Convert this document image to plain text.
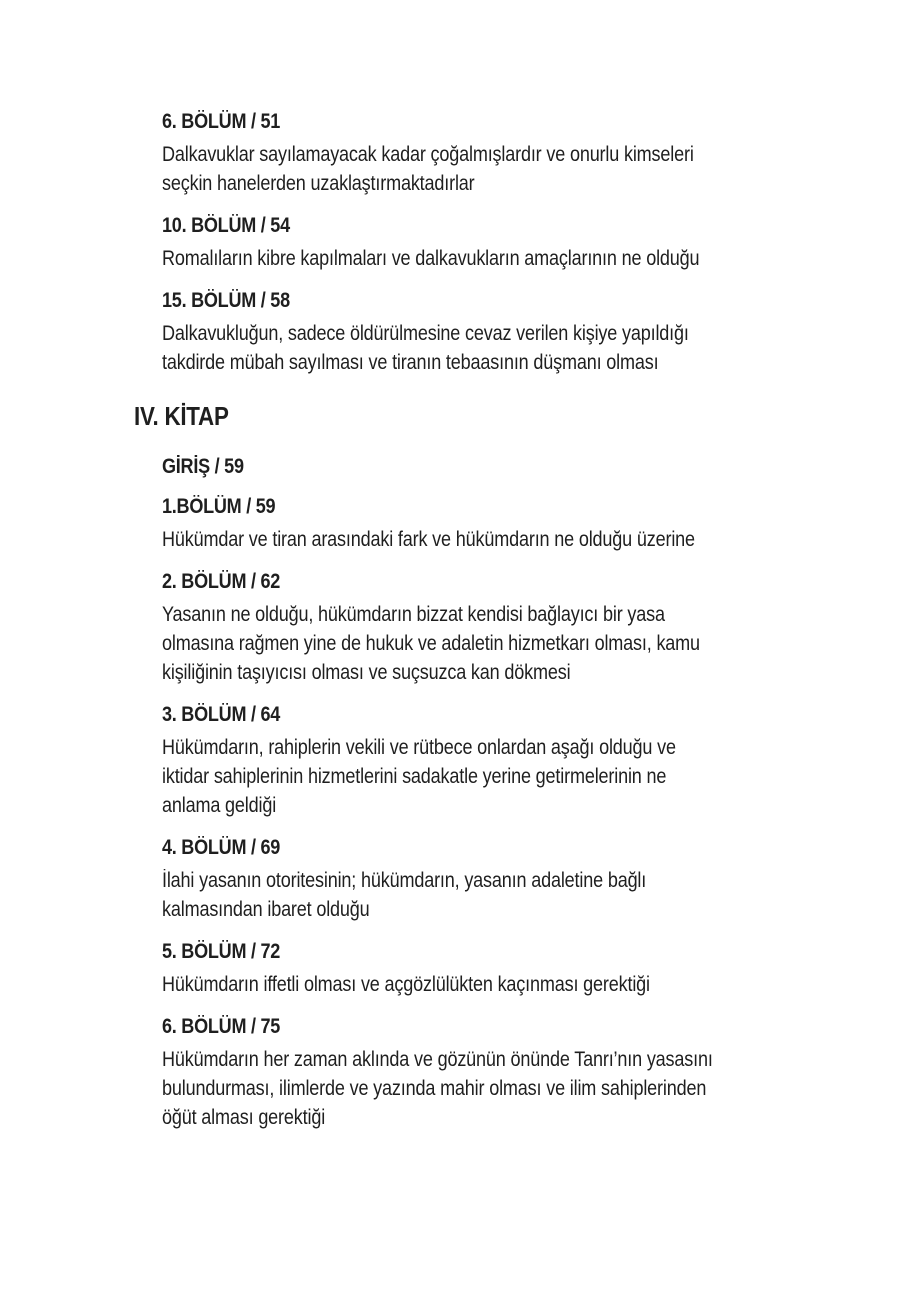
6. BÖLÜM / 51
Dalkavuklar sayılamayacak kadar çoğalmışlardır ve onurlu kimseleri
seçkin hanelerden uzaklaştırmaktadırlar
10. BÖLÜM / 54
Romalıların kibre kapılmaları ve dalkavukların amaçlarının ne olduğu
15. BÖLÜM / 58
Dalkavukluğun, sadece öldürülmesine cevaz verilen kişiye yapıldığı
takdirde mübah sayılması ve tiranın tebaasının düşmanı olması
IV. KİTAP
GİRİŞ / 59
1.BÖLÜM / 59
Hükümdar ve tiran arasındaki fark ve hükümdarın ne olduğu üzerine
2. BÖLÜM / 62
Yasanın ne olduğu, hükümdarın bizzat kendisi bağlayıcı bir yasa
olmasına rağmen yine de hukuk ve adaletin hizmetkarı olması, kamu
kişiliğinin taşıyıcısı olması ve suçsuzca kan dökmesi
3. BÖLÜM / 64
Hükümdarın, rahiplerin vekili ve rütbece onlardan aşağı olduğu ve
iktidar sahiplerinin hizmetlerini sadakatle yerine getirmelerinin ne
anlama geldiği
4. BÖLÜM / 69
İlahi yasanın otoritesinin; hükümdarın, yasanın adaletine bağlı
kalmasından ibaret olduğu
5. BÖLÜM / 72
Hükümdarın iffetli olması ve açgözlülükten kaçınması gerektiği
6. BÖLÜM / 75
Hükümdarın her zaman aklında ve gözünün önünde Tanrı’nın yasasını
bulundurması, ilimlerde ve yazında mahir olması ve ilim sahiplerinden
öğüt alması gerektiği
